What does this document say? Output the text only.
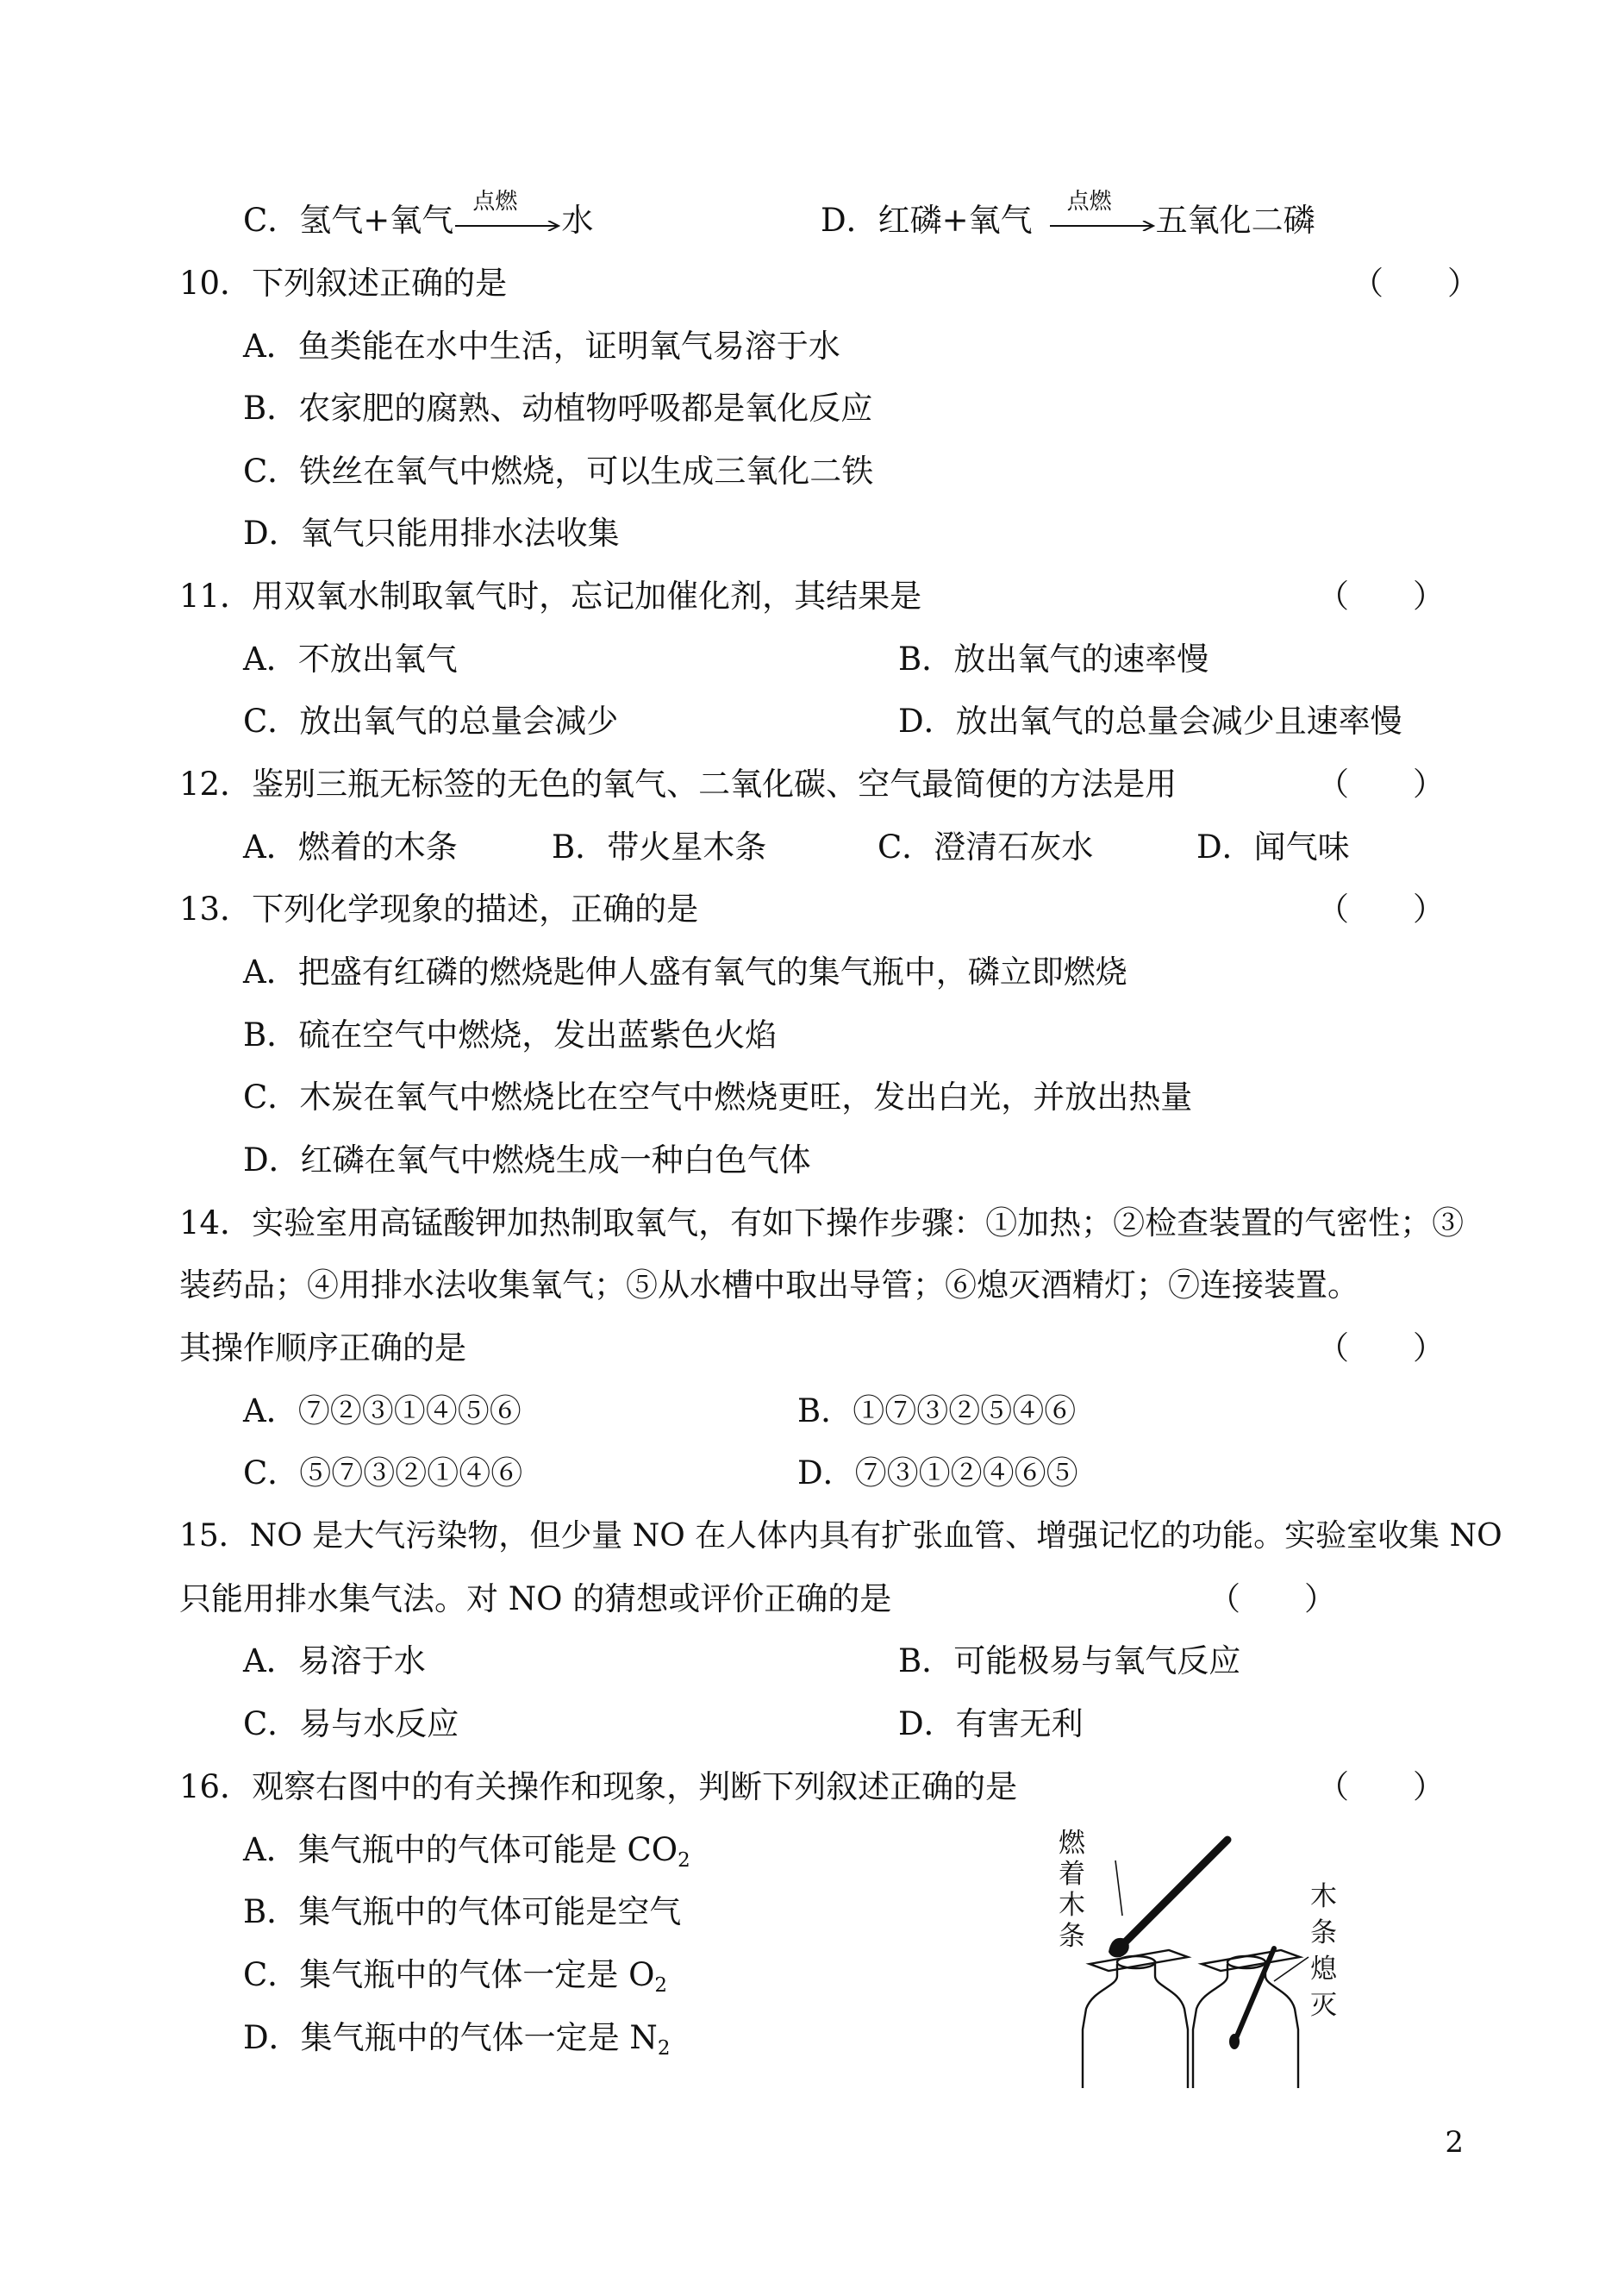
C．氢气+氧气 点燃 水	D．红磷+氧气 点燃 五氧化二磷
10．下列叙述正确的是	（　　）
A．鱼类能在水中生活，证明氧气易溶于水
B．农家肥的腐熟、动植物呼吸都是氧化反应
C．铁丝在氧气中燃烧，可以生成三氧化二铁
D．氧气只能用排水法收集
11．用双氧水制取氧气时，忘记加催化剂，其结果是	（　　）
A．不放出氧气	B．放出氧气的速率慢
C．放出氧气的总量会减少	D．放出氧气的总量会减少且速率慢
12．鉴别三瓶无标签的无色的氧气、二氧化碳、空气最简便的方法是用	（　　）
A．燃着的木条	B．带火星木条	C．澄清石灰水	D．闻气味
13．下列化学现象的描述，正确的是	（　　）
A．把盛有红磷的燃烧匙伸人盛有氧气的集气瓶中，磷立即燃烧
B．硫在空气中燃烧，发出蓝紫色火焰
C．木炭在氧气中燃烧比在空气中燃烧更旺，发出白光，并放出热量
D．红磷在氧气中燃烧生成一种白色气体
14．实验室用高锰酸钾加热制取氧气，有如下操作步骤：①加热；②检查装置的气密性；③
装药品；④用排水法收集氧气；⑤从水槽中取出导管；⑥熄灭酒精灯；⑦连接装置。
其操作顺序正确的是	（　　）
A．⑦②③①④⑤⑥	B．①⑦③②⑤④⑥
C．⑤⑦③②①④⑥	D．⑦③①②④⑥⑤
15．NO 是大气污染物，但少量 NO 在人体内具有扩张血管、增强记忆的功能。实验室收集 NO
只能用排水集气法。对 NO 的猜想或评价正确的是	（　　）
A．易溶于水	B．可能极易与氧气反应
C．易与水反应	D．有害无利
16．观察右图中的有关操作和现象，判断下列叙述正确的是	（　　）
A．集气瓶中的气体可能是 $CO_2$
B．集气瓶中的气体可能是空气
C．集气瓶中的气体一定是 $O_2$
D．集气瓶中的气体一定是 $N_2$
燃着木条
木
条
熄
灭
2
